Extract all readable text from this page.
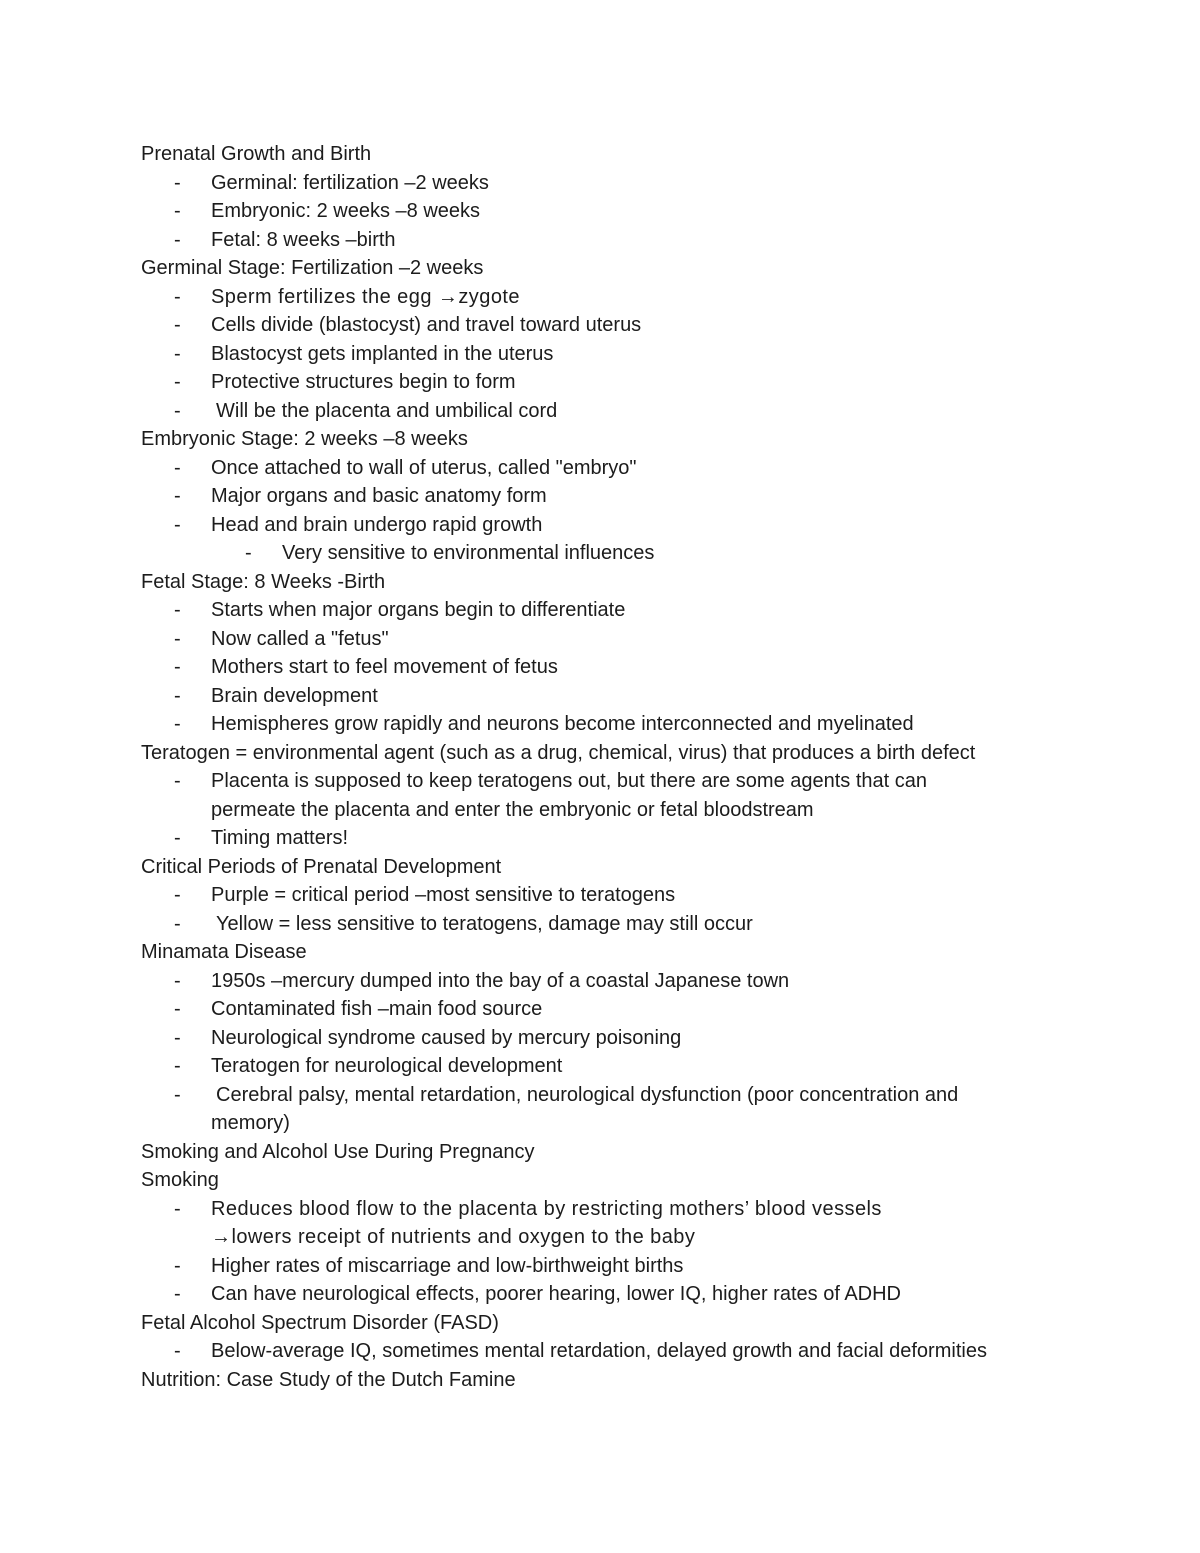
Prenatal Growth and Birth
- Germinal: fertilization –2 weeks
- Embryonic: 2 weeks –8 weeks
- Fetal: 8 weeks –birth
Germinal Stage: Fertilization –2 weeks
- Sperm fertilizes the egg →zygote
- Cells divide (blastocyst) and travel toward uterus
- Blastocyst gets implanted in the uterus
- Protective structures begin to form
- Will be the placenta and umbilical cord
Embryonic Stage: 2 weeks –8 weeks
- Once attached to wall of uterus, called "embryo"
- Major organs and basic anatomy form
- Head and brain undergo rapid growth
- Very sensitive to environmental influences
Fetal Stage: 8 Weeks -Birth
- Starts when major organs begin to differentiate
- Now called a "fetus"
- Mothers start to feel movement of fetus
- Brain development
- Hemispheres grow rapidly and neurons become interconnected and myelinated
Teratogen = environmental agent (such as a drug, chemical, virus) that produces a birth defect
- Placenta is supposed to keep teratogens out, but there are some agents that can
permeate the placenta and enter the embryonic or fetal bloodstream
- Timing matters!
Critical Periods of Prenatal Development
- Purple = critical period –most sensitive to teratogens
- Yellow = less sensitive to teratogens, damage may still occur
Minamata Disease
- 1950s –mercury dumped into the bay of a coastal Japanese town
- Contaminated fish –main food source
- Neurological syndrome caused by mercury poisoning
- Teratogen for neurological development
- Cerebral palsy, mental retardation, neurological dysfunction (poor concentration and
memory)
Smoking and Alcohol Use During Pregnancy
Smoking
- Reduces blood flow to the placenta by restricting mothers’ blood vessels
→lowers receipt of nutrients and oxygen to the baby
- Higher rates of miscarriage and low-birthweight births
- Can have neurological effects, poorer hearing, lower IQ, higher rates of ADHD
Fetal Alcohol Spectrum Disorder (FASD)
- Below-average IQ, sometimes mental retardation, delayed growth and facial deformities
Nutrition: Case Study of the Dutch Famine
